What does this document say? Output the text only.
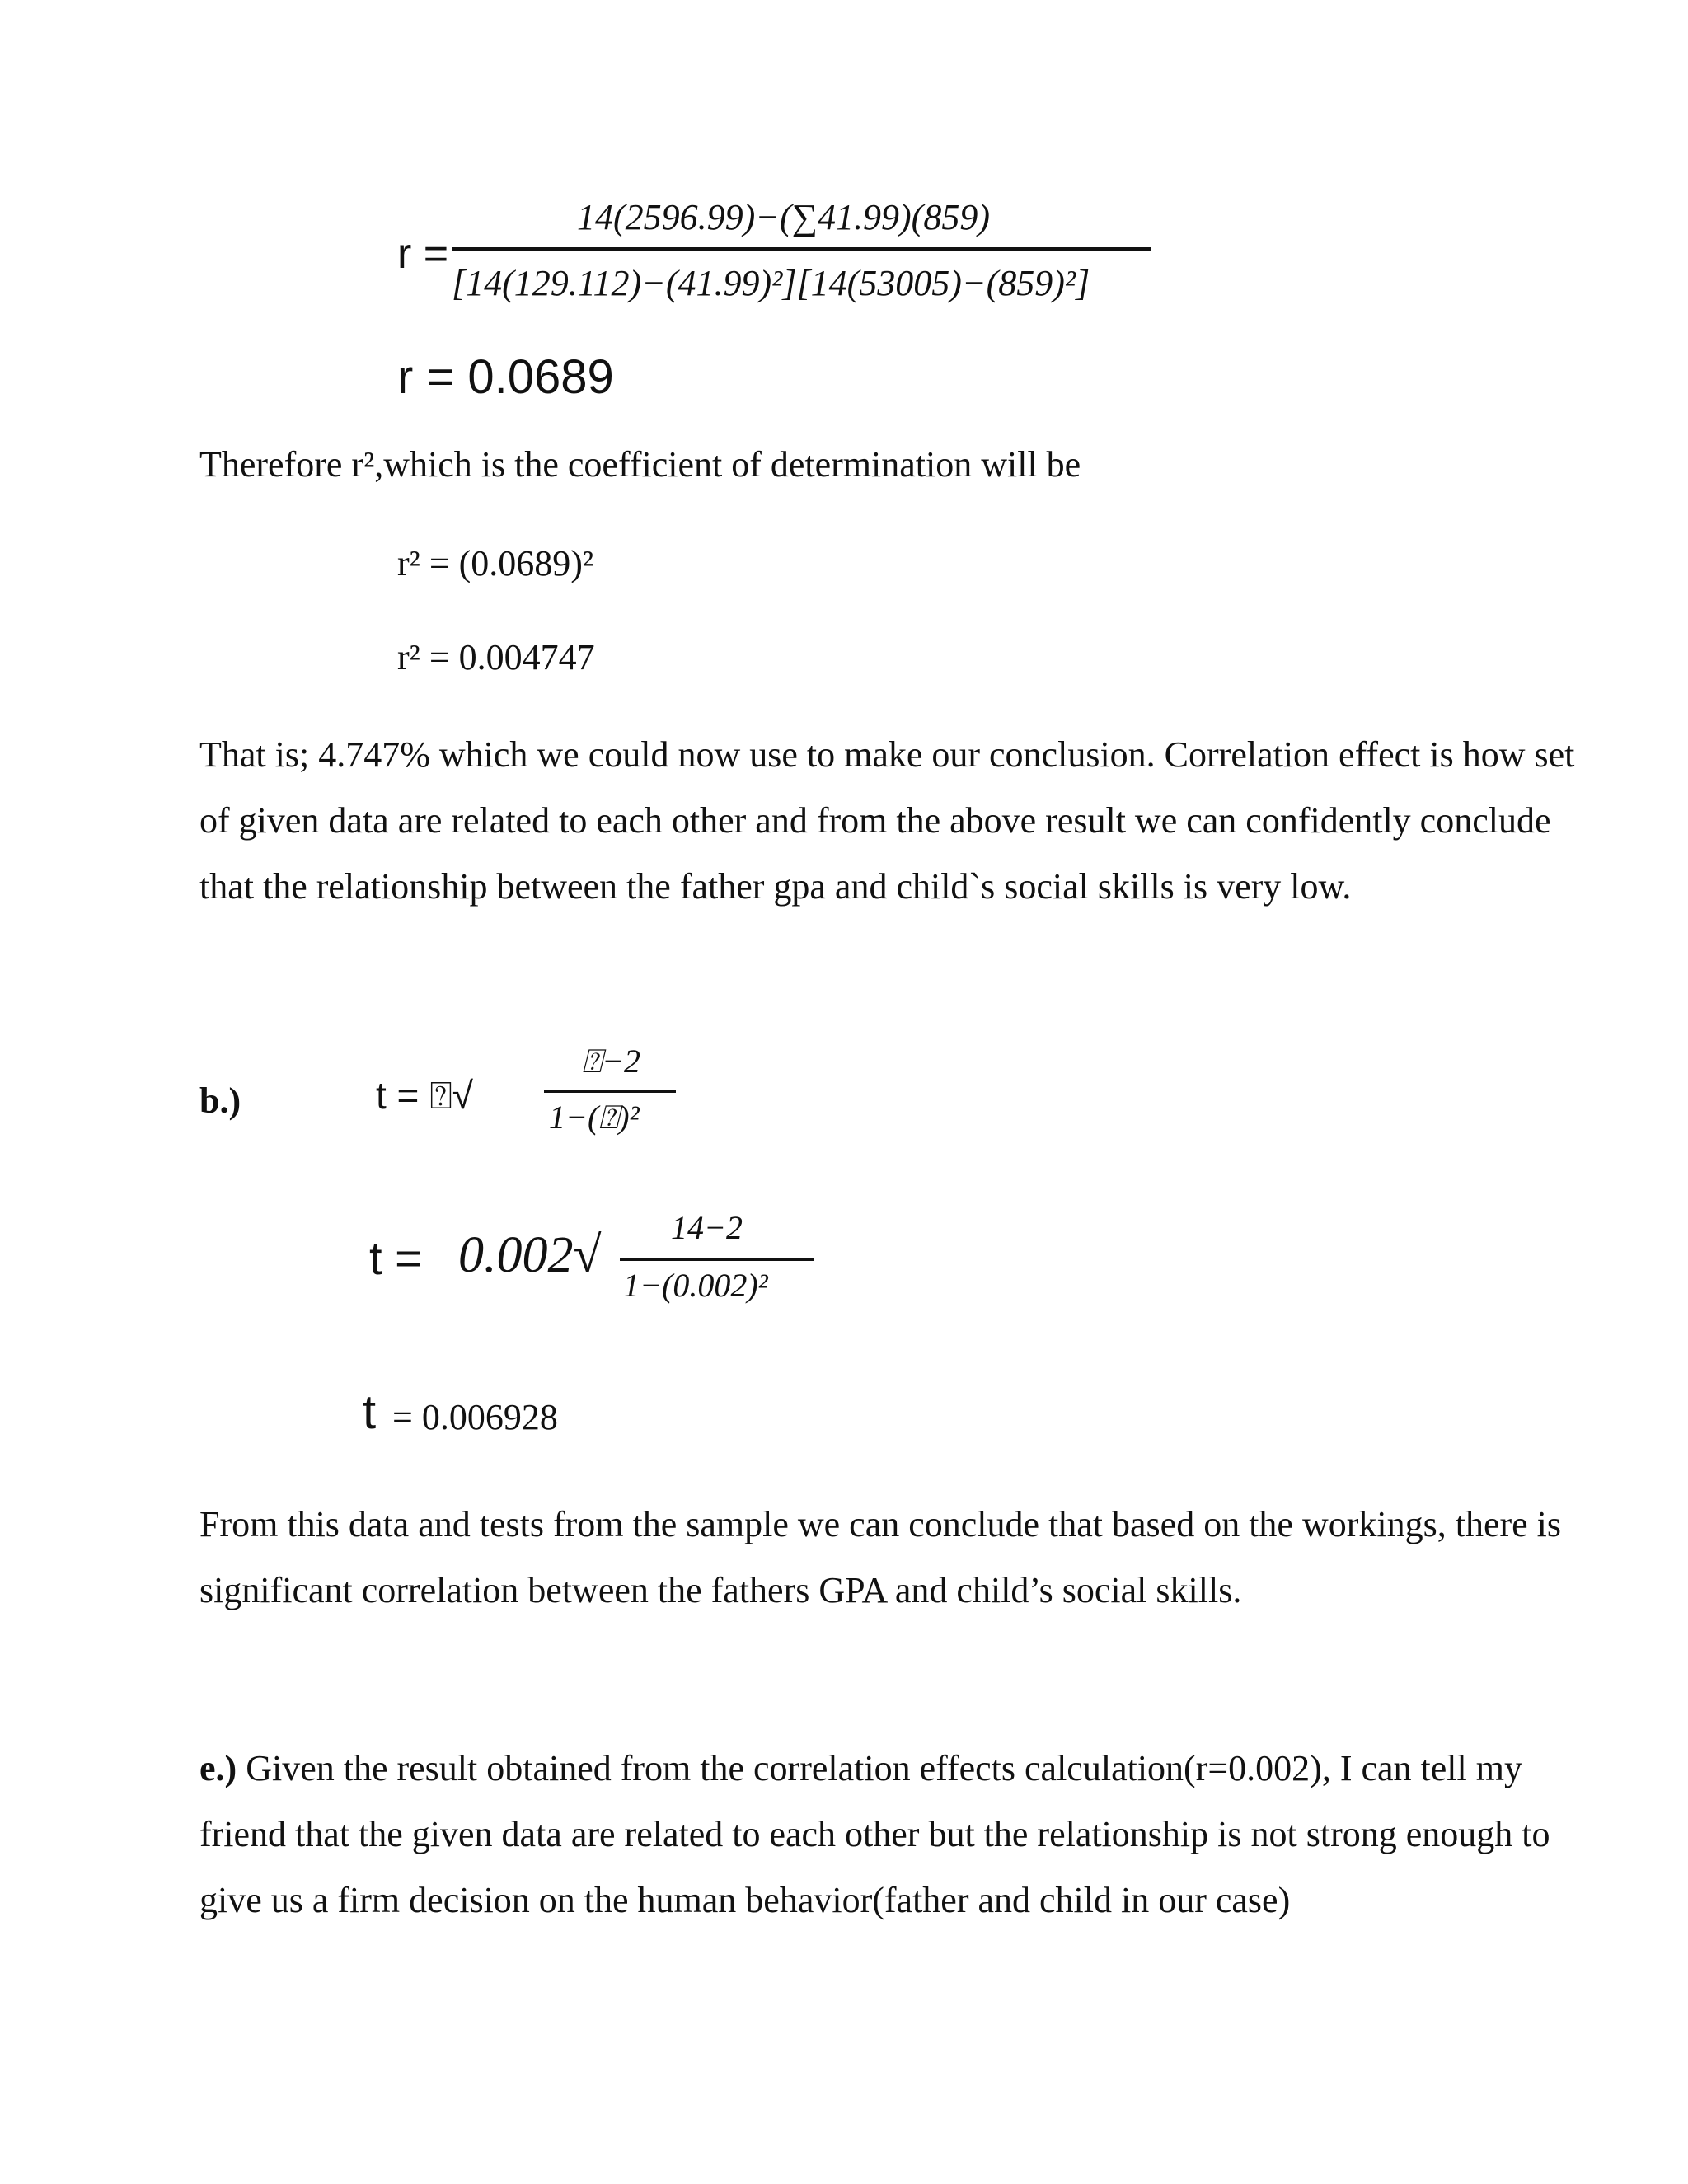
r =
14(2596.99)−(∑41.99)(859)
[14(129.112)−(41.99)²][14(53005)−(859)²]
r = 0.0689
Therefore r²,which is the coefficient of determination will be
r² = (0.0689)²
r² = 0.004747
That is; 4.747% which we could now use to make our conclusion. Correlation effect is how set
of given data are related to each other and from the above result we can confidently conclude
that the relationship between the father gpa and child`s social skills is very low.
b.)	t = ⍰√
⍰−2
1−(⍰)²
t = 0.002√ 14−2
1−(0.002)²
t = 0.006928
From this data and tests from the sample we can conclude that based on the workings, there is
significant correlation between the fathers GPA and child’s social skills.
e.) Given the result obtained from the correlation effects calculation(r=0.002), I can tell my
friend that the given data are related to each other but the relationship is not strong enough to
give us a firm decision on the human behavior(father and child in our case)
